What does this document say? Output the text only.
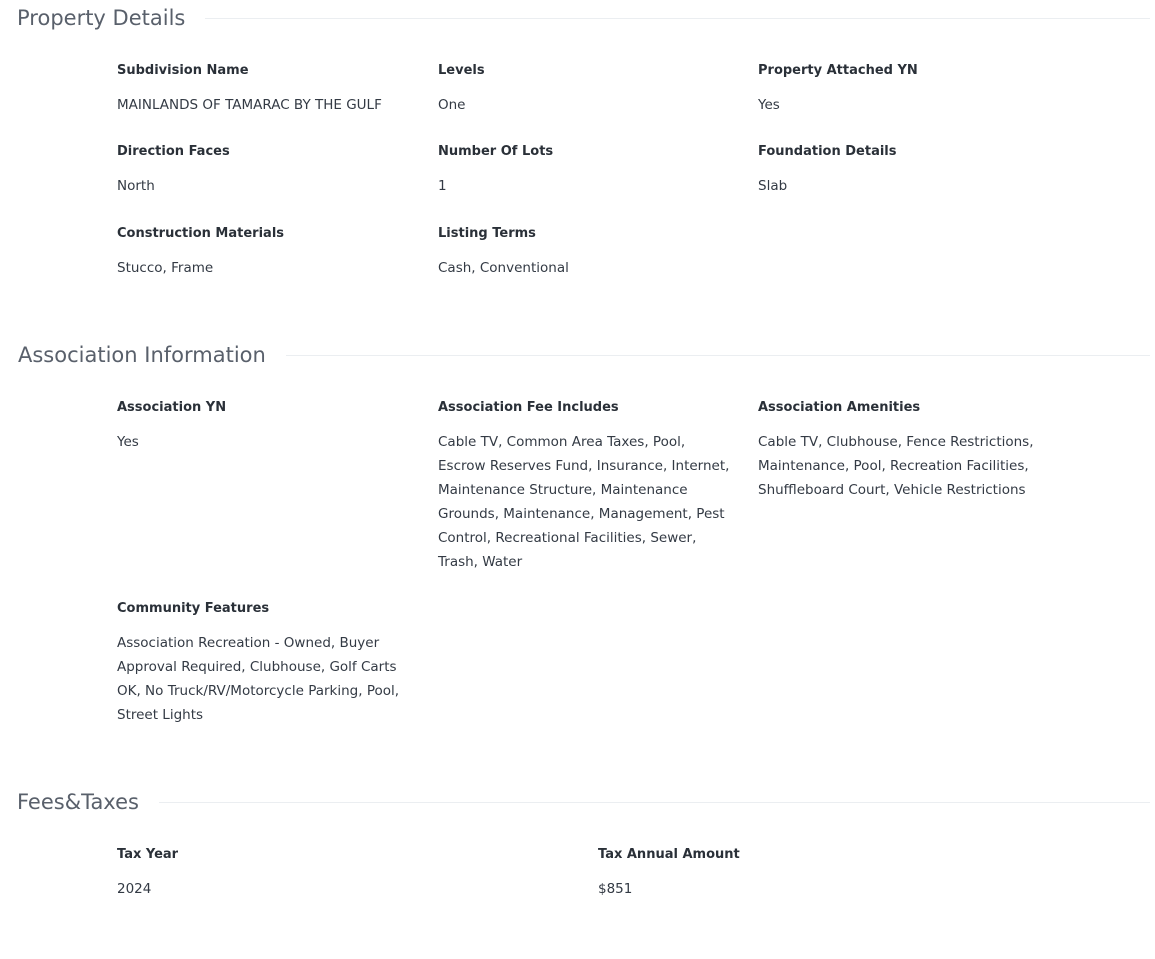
Property Details
Subdivision Name
MAINLANDS OF TAMARAC BY THE GULF
Levels
One
Property Attached YN
Yes
Direction Faces
North
Number Of Lots
1
Foundation Details
Slab
Construction Materials
Stucco, Frame
Listing Terms
Cash, Conventional
Association Information
Association YN
Yes
Association Fee Includes
Cable TV, Common Area Taxes, Pool, Escrow Reserves Fund, Insurance, Internet, Maintenance Structure, Maintenance Grounds, Maintenance, Management, Pest Control, Recreational Facilities, Sewer, Trash, Water
Association Amenities
Cable TV, Clubhouse, Fence Restrictions, Maintenance, Pool, Recreation Facilities, Shuffleboard Court, Vehicle Restrictions
Community Features
Association Recreation - Owned, Buyer Approval Required, Clubhouse, Golf Carts OK, No Truck/RV/Motorcycle Parking, Pool, Street Lights
Fees&Taxes
Tax Year
2024
Tax Annual Amount
$851
